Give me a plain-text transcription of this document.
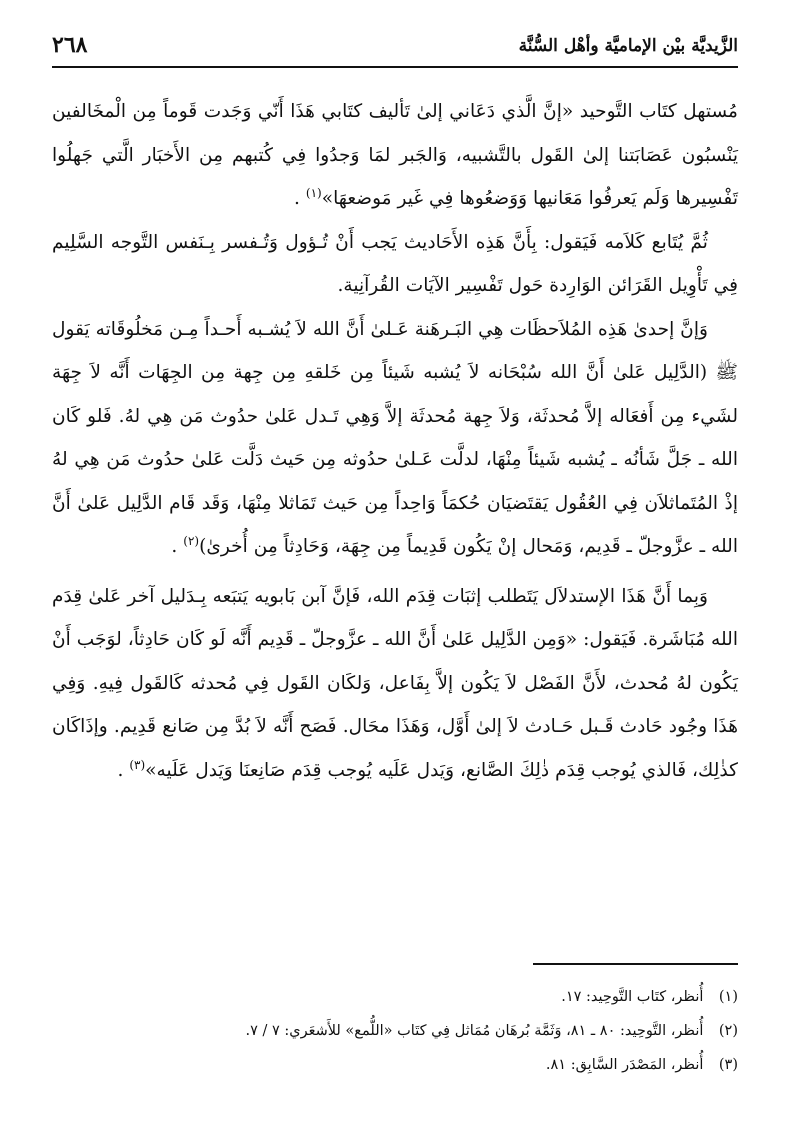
الزَّيديَّة بيْن الإماميَّة وأهْل السُّنَّة
٢٦٨

مُستهل كتَاب التَّوحيد «إنَّ الَّذي دَعَاني إلىٰ تَأليف كتَابي هَذَا أَنّي وَجَدت قَوماً مِن الْمخَالفين يَنْسبُون عَصَابَتنا إلىٰ القَول بالتَّشبيه، وَالجَبر لمَا وَجدُوا فِي كُتبهم مِن الأَخبَار الَّتي جَهلُوا تَفْسِيرها وَلَم يَعرفُوا مَعَانيها وَوَضعُوها فِي غَير مَوضعهَا»$^{(١)}$ .

ثُمَّ يُتَابع كَلاَمه فَيَقول: بِأَنَّ هَذِه الأَحَاديث يَجب أَنْ تُـؤول وَتُـفسر بِـنَفس التَّوجه السَّلِيم فِي تَأْوِيل القَرَائن الوَارِدة حَول تَفْسِير الآيَات القُرآنِية.

وَإنَّ إحدىٰ هَذِه المُلاَحظَات هِي البَـرهَنة عَـلىٰ أَنَّ الله لاَ يُشـبه أَحـداً مِـن مَخلُوقَاته يَقول ﷺ (الدَّلِيل عَلىٰ أَنَّ الله سُبْحَانه لاَ يُشبه شَيئاً مِن خَلقهِ مِن جِهة مِن الجِهَات أَنَّه لاَ جِهَة لشَيء مِن أَفعَاله إلاَّ مُحدثَة، وَلاَ جِهة مُحدثَة إلاَّ وَهِي تَـدل عَلىٰ حدُوث مَن هِي لهُ. فَلو كَان الله ـ جَلَّ شَأنُه ـ يُشبه شَيئاً مِنْهَا، لدلَّت عَـلىٰ حدُوثه مِن حَيث دَلَّت عَلىٰ حدُوث مَن هِي لهُ إذْ المُتَماثلاَن فِي العُقُول يَقتَضيَان حُكمَاً وَاحِداً مِن حَيث تَمَاثلا مِنْهَا، وَقَد قَام الدَّلِيل عَلىٰ أَنَّ الله ـ عزَّوجلّ ـ قَدِيم، وَمَحال إنْ يَكُون قَدِيماً مِن جِهَة، وَحَادِثاً مِن أُخرىٰ)$^{(٢)}$ .

وَبِما أَنَّ هَذَا الإستدلاَل يَتَطلب إثبَات قِدَم الله، فَإنَّ آبن بَابويه يَتبَعه بِـدَليل آخر عَلىٰ قِدَم الله مُبَاشَرة. فَيَقول: «وَمِن الدَّلِيل عَلىٰ أَنَّ الله ـ عزَّوجلّ ـ قَدِيم أَنَّه لَو كَان حَادِثاً، لوَجَب أَنْ يَكُون لهُ مُحدث، لأَنَّ الفَصْل لاَ يَكُون إلاَّ بِفَاعل، وَلكَان القَول فِي مُحدثه كَالقَول فِيهِ. وَفِي هَذَا وجُود حَادث قَـبل حَـادث لاَ إلىٰ أَوَّل، وَهَذَا محَال. فَصَح أَنَّه لاَ بُدَّ مِن صَانع قَدِيم. وإذَاكَان كذٰلِك، فَالذي يُوجب قِدَم ذٰلِكَ الصَّانع، وَيَدل عَلَيه يُوجب قِدَم صَانِعنَا وَيَدل عَلَيه»$^{(٣)}$ .

(١) أُنظر، كتَاب التَّوحِيد: ١٧.
(٢) أُنظر، التَّوحِيد: ٨٠ ـ ٨١، وَثَمَّة بُرهَان مُمَاثل فِي كتَاب «اللُّمع» للأَشعَري: ٧ / ٧.
(٣) أُنظر، المَصْدَر السَّابِق: ٨١.
